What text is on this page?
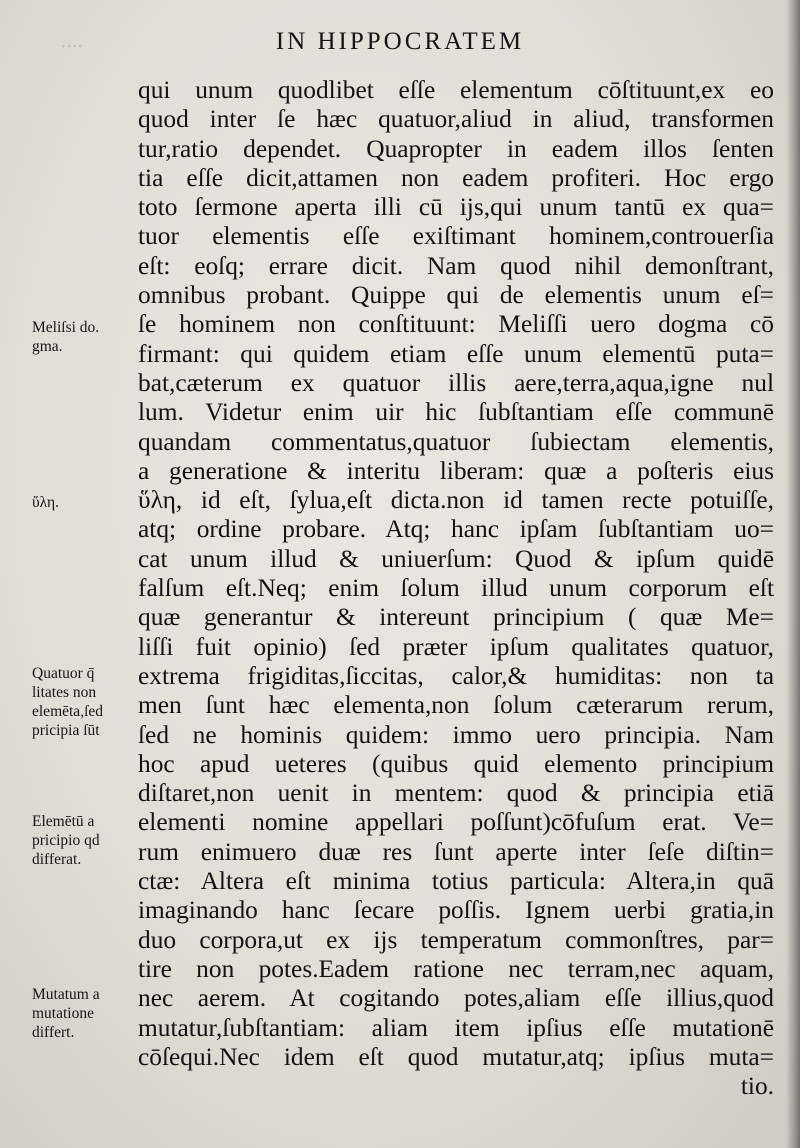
·⸱⸱⸱	IN HIPPOCRATEM
qui unum quodlibet eſſe elementum cōſtituunt,ex eo
quod inter ſe hæc quatuor,aliud in aliud, transformen
tur,ratio dependet. Quapropter in eadem illos ſenten
tia eſſe dicit,attamen non eadem profiteri. Hoc ergo
toto ſermone aperta illi cū ijs,qui unum tantū ex qua=
tuor elementis eſſe exiſtimant hominem,controuerſia
eſt: eoſq; errare dicit. Nam quod nihil demonſtrant,
omnibus probant. Quippe qui de elementis unum eſ=
ſe hominem non conſtituunt: Meliſſi uero dogma cō
firmant: qui quidem etiam eſſe unum elementū puta=
bat,cæterum ex quatuor illis aere,terra,aqua,igne nul
lum. Videtur enim uir hic ſubſtantiam eſſe communē
quandam commentatus,quatuor ſubiectam elementis,
a generatione & interitu liberam: quæ a poſteris eius
ὕλη, id eſt, ſylua,eſt dicta.non id tamen recte potuiſſe,
atq; ordine probare. Atq; hanc ipſam ſubſtantiam uo=
cat unum illud & uniuerſum: Quod & ipſum quidē
falſum eſt.Neq; enim ſolum illud unum corporum eſt
quæ generantur & intereunt principium ( quæ Me=
liſſi fuit opinio) ſed præter ipſum qualitates quatuor,
extrema frigiditas,ſiccitas, calor,& humiditas: non ta
men ſunt hæc elementa,non ſolum cæterarum rerum,
ſed ne hominis quidem: immo uero principia. Nam
hoc apud ueteres (quibus quid elemento principium
diſtaret,non uenit in mentem: quod & principia etiā
elementi nomine appellari poſſunt)cōfuſum erat. Ve=
rum enimuero duæ res ſunt aperte inter ſeſe diſtin=
ctæ: Altera eſt minima totius particula: Altera,in quā
imaginando hanc ſecare poſſis. Ignem uerbi gratia,in
duo corpora,ut ex ijs temperatum commonſtres, par=
tire non potes.Eadem ratione nec terram,nec aquam,
nec aerem. At cogitando potes,aliam eſſe illius,quod
mutatur,ſubſtantiam: aliam item ipſius eſſe mutationē
cōſequi.Nec idem eſt quod mutatur,atq; ipſius muta=
tio.
Meliſsi do.
gma.
ὕλη.
Quatuor q̄
litates non
elemēta,ſed
pricipia ſūt
Elemētū a
pricipio qd
differat.
Mutatum a
mutatione
differt.
